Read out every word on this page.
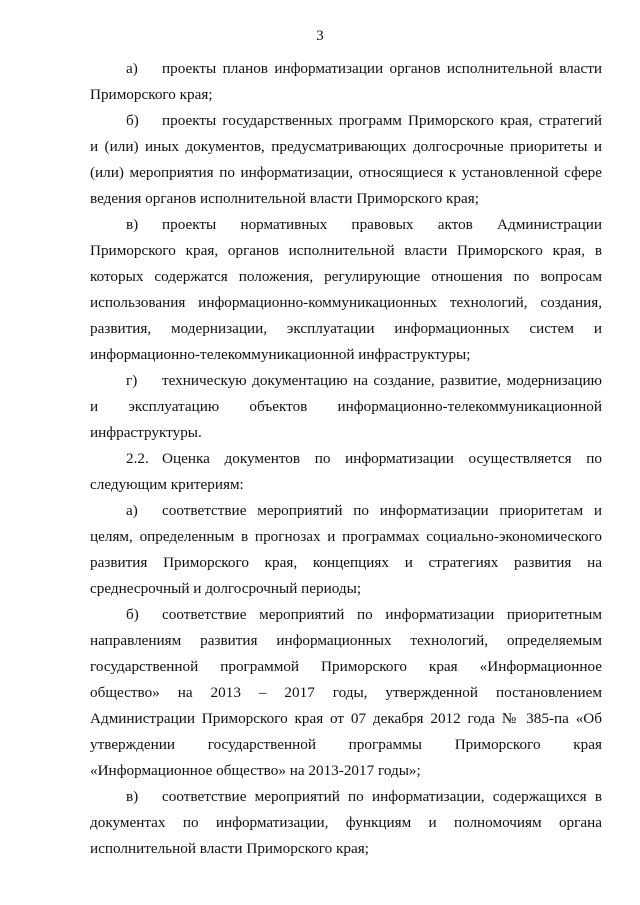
3

а) проекты планов информатизации органов исполнительной власти Приморского края;

б) проекты государственных программ Приморского края, стратегий и (или) иных документов, предусматривающих долгосрочные приоритеты и (или) мероприятия по информатизации, относящиеся к установленной сфере ведения органов исполнительной власти Приморского края;

в) проекты нормативных правовых актов Администрации Приморского края, органов исполнительной власти Приморского края, в которых содержатся положения, регулирующие отношения по вопросам использования информационно-коммуникационных технологий, создания, развития, модернизации, эксплуатации информационных систем и информационно-телекоммуникационной инфраструктуры;

г) техническую документацию на создание, развитие, модернизацию и эксплуатацию объектов информационно-телекоммуникационной инфраструктуры.

2.2. Оценка документов по информатизации осуществляется по следующим критериям:

а) соответствие мероприятий по информатизации приоритетам и целям, определенным в прогнозах и программах социально-экономического развития Приморского края, концепциях и стратегиях развития на среднесрочный и долгосрочный периоды;

б) соответствие мероприятий по информатизации приоритетным направлениям развития информационных технологий, определяемым государственной программой Приморского края «Информационное общество» на 2013 – 2017 годы, утвержденной постановлением Администрации Приморского края от 07 декабря 2012 года № 385-па «Об утверждении государственной программы Приморского края «Информационное общество» на 2013-2017 годы»;

в) соответствие мероприятий по информатизации, содержащихся в документах по информатизации, функциям и полномочиям органа исполнительной власти Приморского края;
